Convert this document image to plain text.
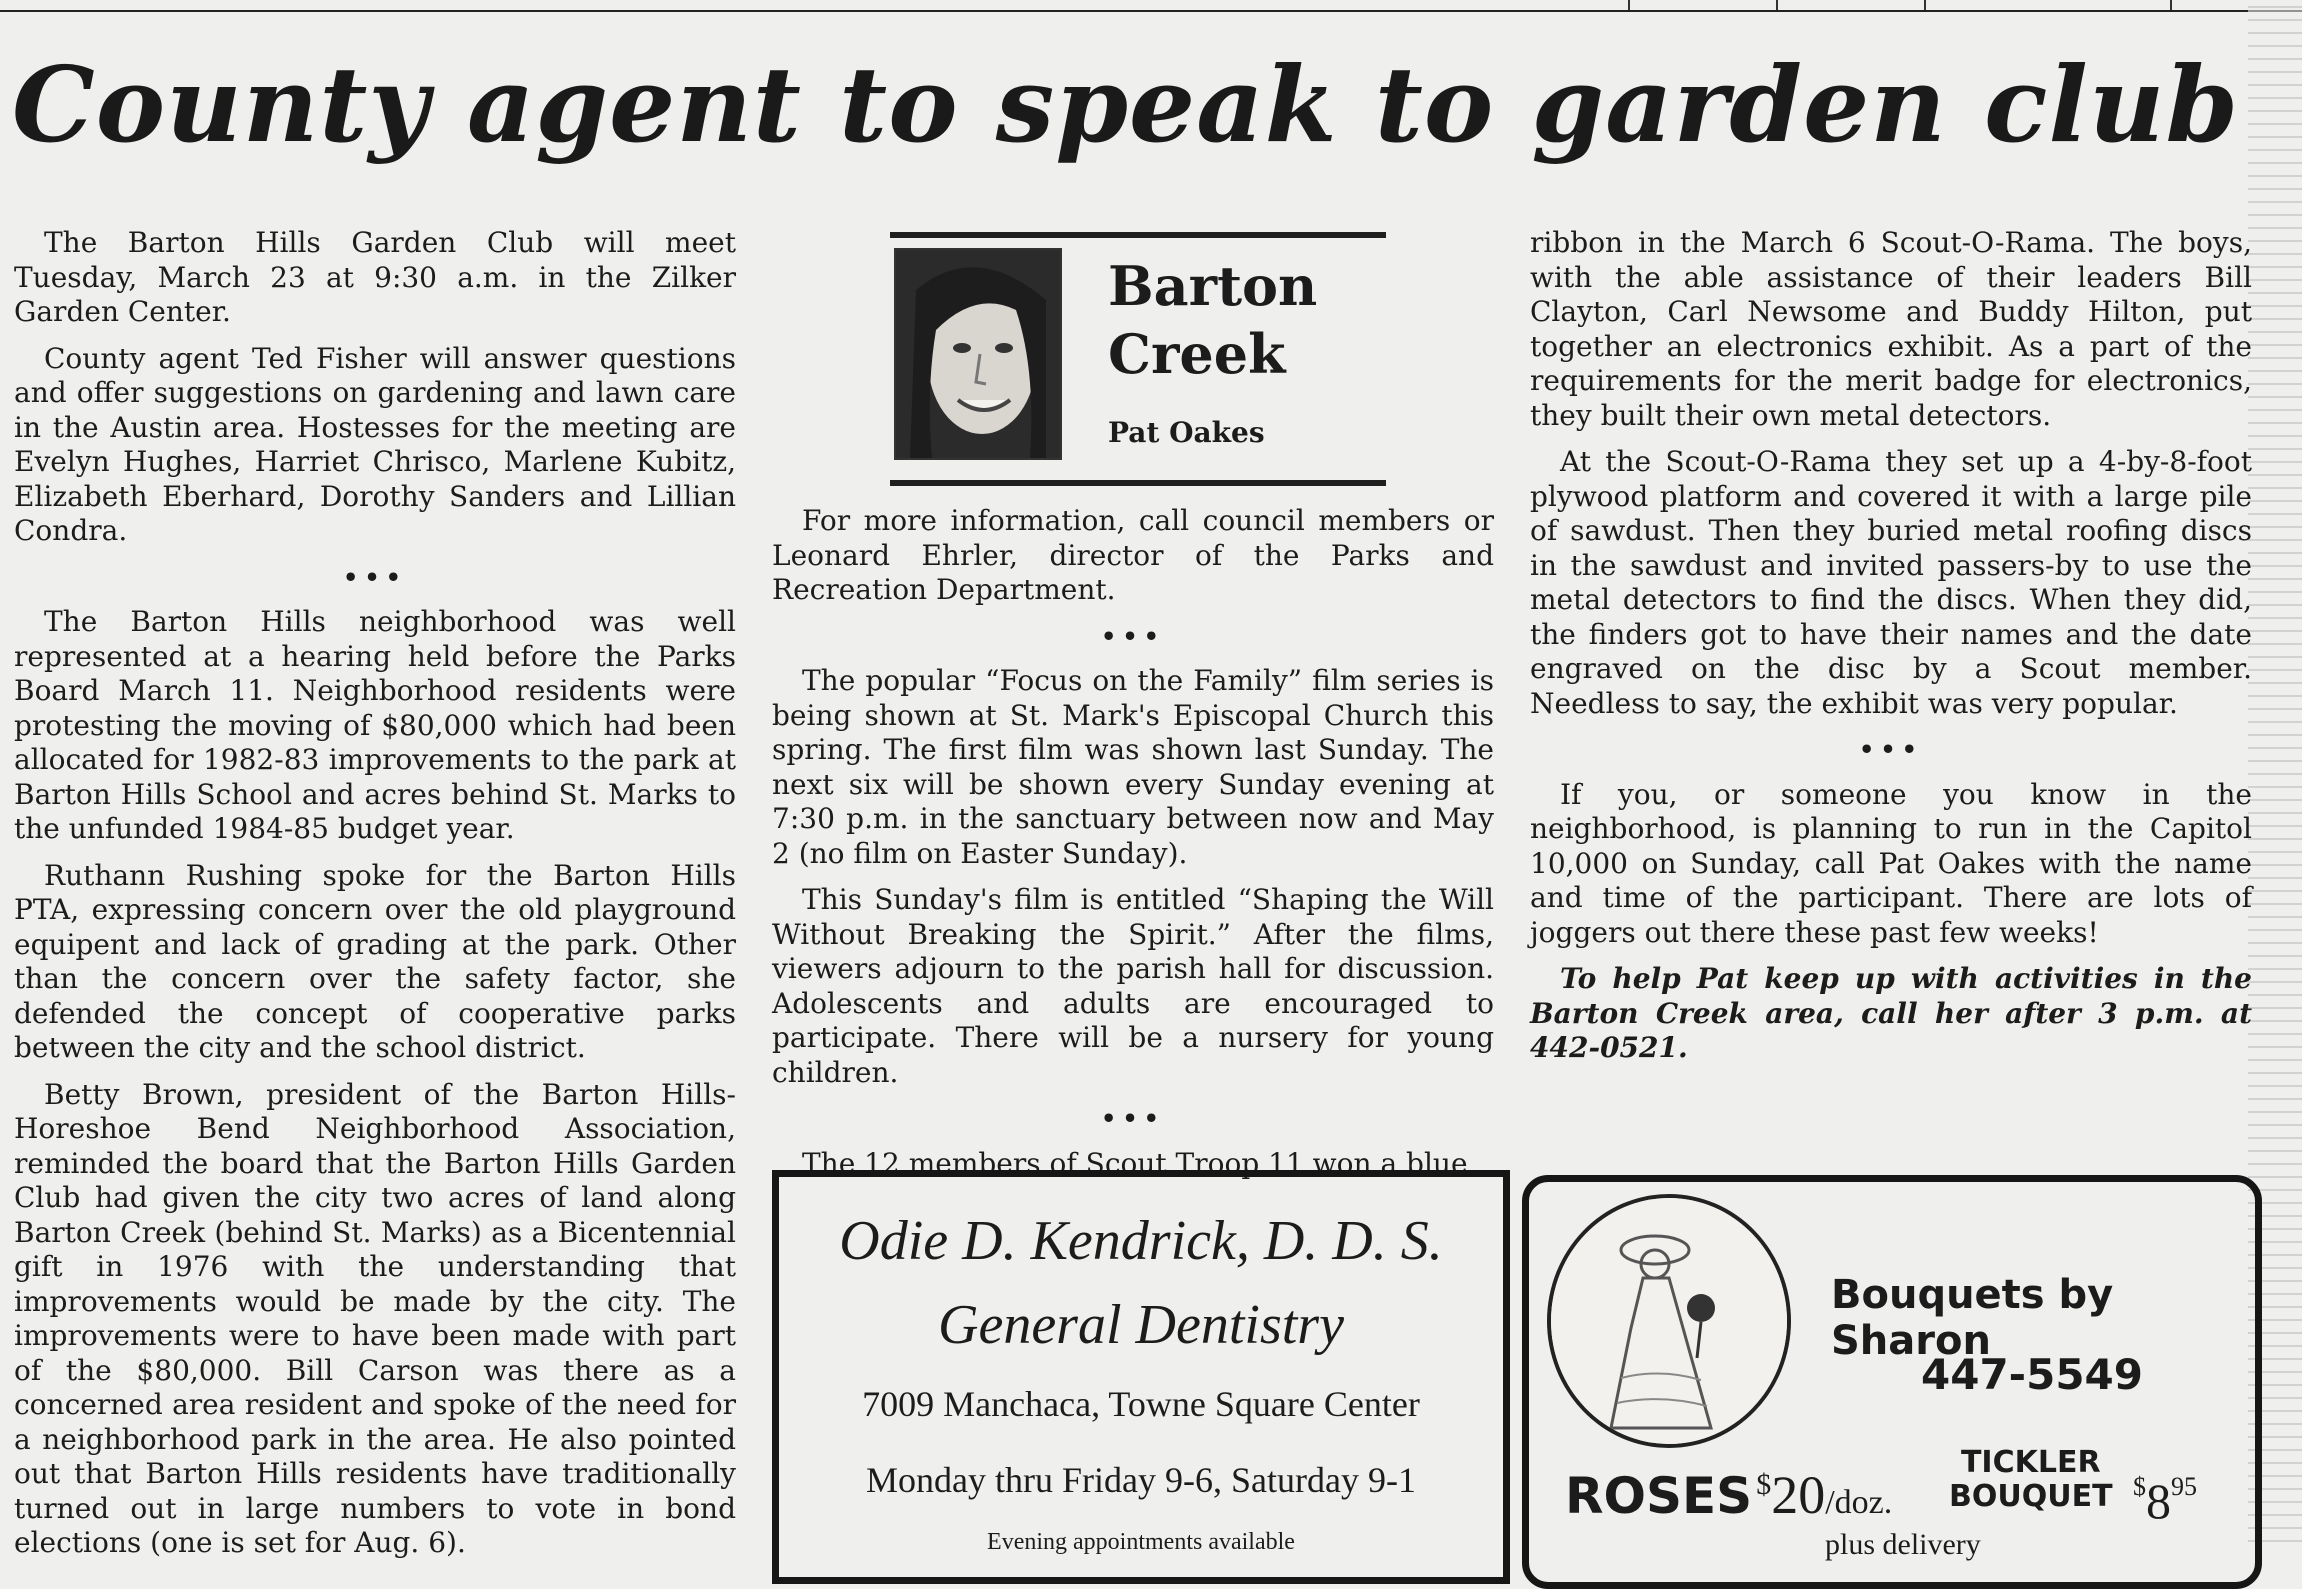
County agent to speak to garden club

The Barton Hills Garden Club will meet Tuesday, March 23 at 9:30 a.m. in the Zilker Garden Center.

County agent Ted Fisher will answer questions and offer suggestions on gardening and lawn care in the Austin area. Hostesses for the meeting are Evelyn Hughes, Harriet Chrisco, Marlene Kubitz, Elizabeth Eberhard, Dorothy Sanders and Lillian Condra.

•••

The Barton Hills neighborhood was well represented at a hearing held before the Parks Board March 11. Neighborhood residents were protesting the moving of $80,000 which had been allocated for 1982-83 improvements to the park at Barton Hills School and acres behind St. Marks to the unfunded 1984-85 budget year.

Ruthann Rushing spoke for the Barton Hills PTA, expressing concern over the old playground equipent and lack of grading at the park. Other than the concern over the safety factor, she defended the concept of cooperative parks between the city and the school district.

Betty Brown, president of the Barton Hills-Horeshoe Bend Neighborhood Association, reminded the board that the Barton Hills Garden Club had given the city two acres of land along Barton Creek (behind St. Marks) as a Bicentennial gift in 1976 with the understanding that improvements would be made by the city. The improvements were to have been made with part of the $80,000. Bill Carson was there as a concerned area resident and spoke of the need for a neighborhood park in the area. He also pointed out that Barton Hills residents have traditionally turned out in large numbers to vote in bond elections (one is set for Aug. 6).

Barton
Creek
Pat Oakes

For more information, call council members or Leonard Ehrler, director of the Parks and Recreation Department.

•••

The popular “Focus on the Family” film series is being shown at St. Mark's Episcopal Church this spring. The first film was shown last Sunday. The next six will be shown every Sunday evening at 7:30 p.m. in the sanctuary between now and May 2 (no film on Easter Sunday).

This Sunday's film is entitled “Shaping the Will Without Breaking the Spirit.” After the films, viewers adjourn to the parish hall for discussion. Adolescents and adults are encouraged to participate. There will be a nursery for young children.

•••

The 12 members of Scout Troop 11 won a blue

ribbon in the March 6 Scout-O-Rama. The boys, with the able assistance of their leaders Bill Clayton, Carl Newsome and Buddy Hilton, put together an electronics exhibit. As a part of the requirements for the merit badge for electronics, they built their own metal detectors.

At the Scout-O-Rama they set up a 4-by-8-foot plywood platform and covered it with a large pile of sawdust. Then they buried metal roofing discs in the sawdust and invited passers-by to use the metal detectors to find the discs. When they did, the finders got to have their names and the date engraved on the disc by a Scout member. Needless to say, the exhibit was very popular.

•••

If you, or someone you know in the neighborhood, is planning to run in the Capitol 10,000 on Sunday, call Pat Oakes with the name and time of the participant. There are lots of joggers out there these past few weeks!

To help Pat keep up with activities in the Barton Creek area, call her after 3 p.m. at 442-0521.

Odie D. Kendrick, D. D. S.
General Dentistry
7009 Manchaca, Towne Square Center
Monday thru Friday 9-6, Saturday 9-1
Evening appointments available
Bouquets by Sharon
447-5549
ROSES $20/doz.
TICKLER
BOUQUET $895
plus delivery
